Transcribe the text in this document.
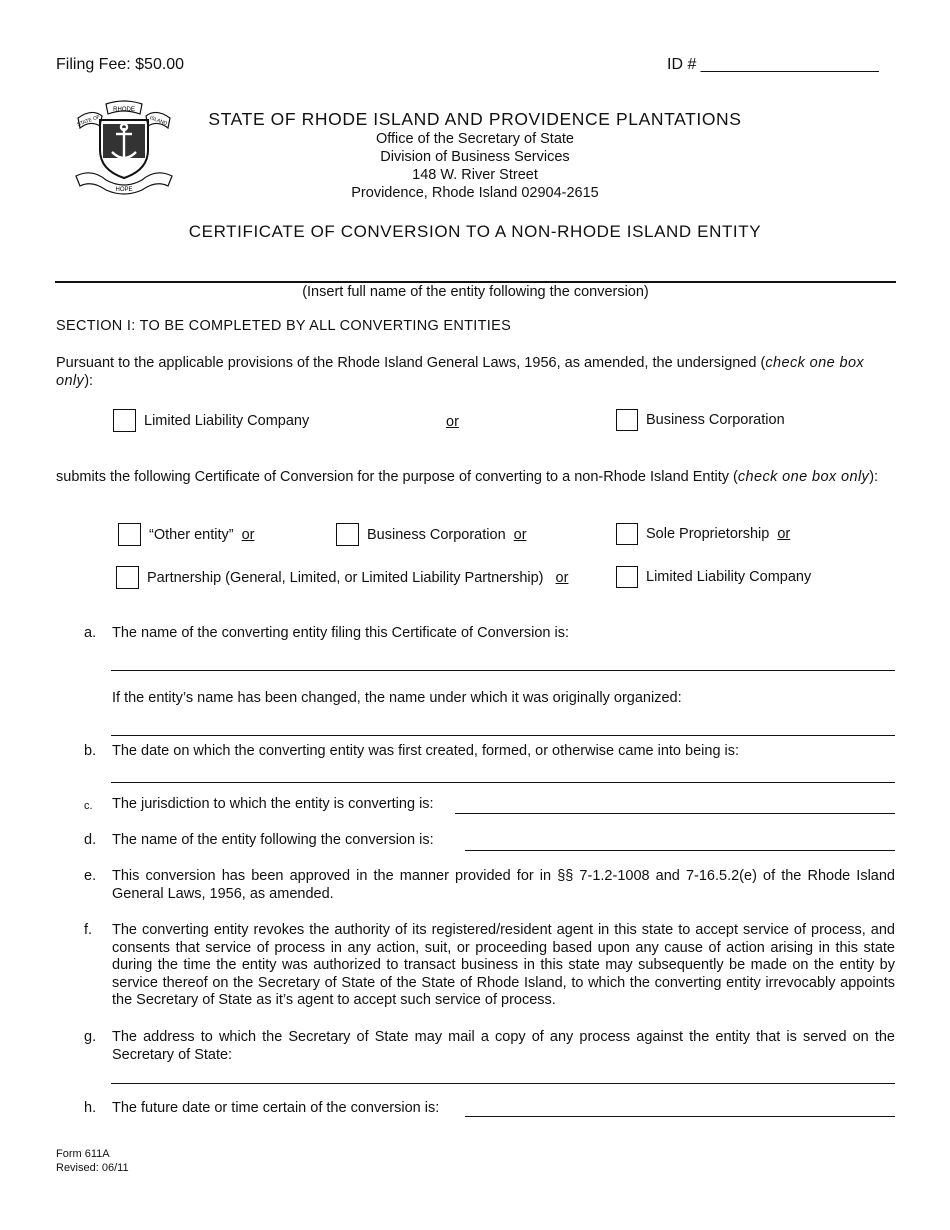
Filing Fee: $50.00	ID # ____________________
RHODE
STATE OF	ISLAND
HOPE
STATE OF RHODE ISLAND AND PROVIDENCE PLANTATIONS
Office of the Secretary of State
Division of Business Services
148 W. River Street
Providence, Rhode Island 02904-2615
CERTIFICATE OF CONVERSION TO A NON-RHODE ISLAND ENTITY
(Insert full name of the entity following the conversion)
SECTION I: TO BE COMPLETED BY ALL CONVERTING ENTITIES
Pursuant to the applicable provisions of the Rhode Island General Laws, 1956, as amended, the undersigned (check one box only):
Limited Liability Company	or	Business Corporation
submits the following Certificate of Conversion for the purpose of converting to a non-Rhode Island Entity (check one box only):
“Other entity” or	Business Corporation or	Sole Proprietorship or
Partnership (General, Limited, or Limited Liability Partnership) or	Limited Liability Company
a. The name of the converting entity filing this Certificate of Conversion is:
If the entity’s name has been changed, the name under which it was originally organized:
b. The date on which the converting entity was first created, formed, or otherwise came into being is:
c. The jurisdiction to which the entity is converting is:
d. The name of the entity following the conversion is:
e. This conversion has been approved in the manner provided for in §§ 7-1.2-1008 and 7-16.5.2(e) of the Rhode Island General Laws, 1956, as amended.
f. The converting entity revokes the authority of its registered/resident agent in this state to accept service of process, and consents that service of process in any action, suit, or proceeding based upon any cause of action arising in this state during the time the entity was authorized to transact business in this state may subsequently be made on the entity by service thereof on the Secretary of State of the State of Rhode Island, to which the converting entity irrevocably appoints the Secretary of State as it’s agent to accept such service of process.
g. The address to which the Secretary of State may mail a copy of any process against the entity that is served on the Secretary of State:
h. The future date or time certain of the conversion is:
Form 611A
Revised: 06/11
